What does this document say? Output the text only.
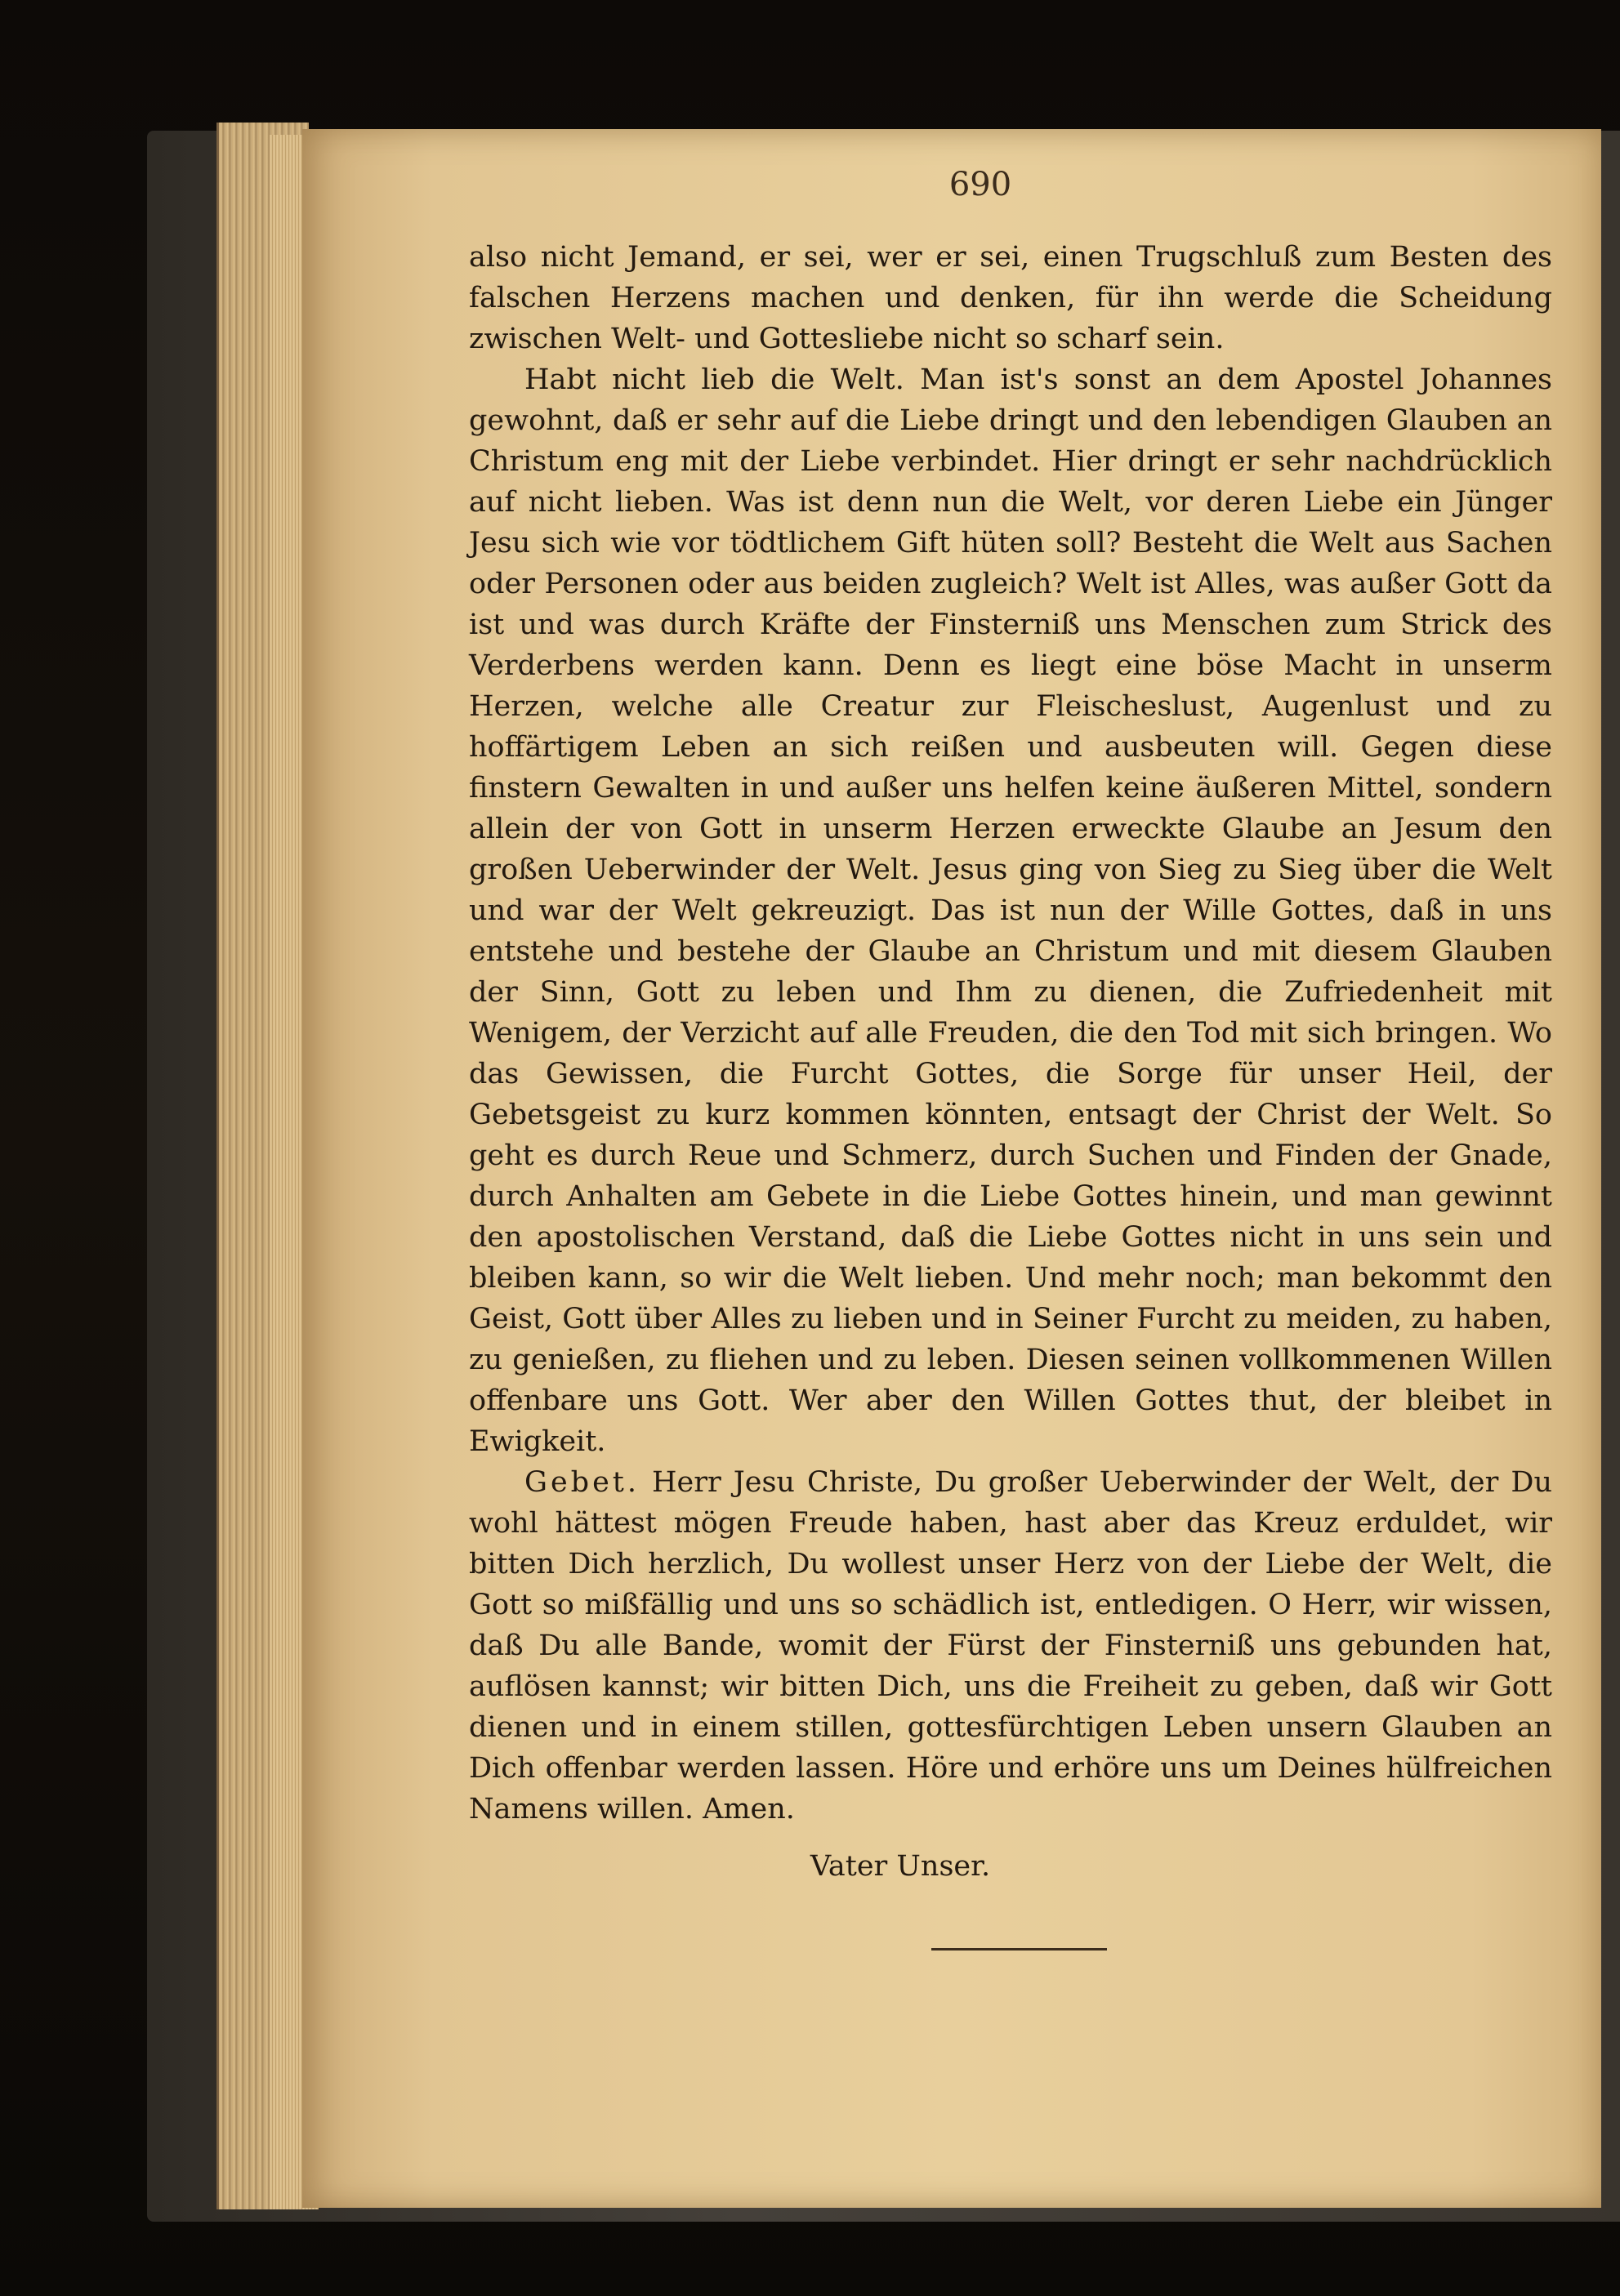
690

also nicht Jemand, er sei, wer er sei, einen Trugschluß zum Besten des falschen Herzens machen und denken, für ihn werde die Scheidung zwischen Welt- und Gottesliebe nicht so scharf sein.

Habt nicht lieb die Welt. Man ist's sonst an dem Apostel Johannes gewohnt, daß er sehr auf die Liebe dringt und den lebendigen Glauben an Christum eng mit der Liebe verbindet. Hier dringt er sehr nachdrücklich auf nicht lieben. Was ist denn nun die Welt, vor deren Liebe ein Jünger Jesu sich wie vor tödtlichem Gift hüten soll? Besteht die Welt aus Sachen oder Personen oder aus beiden zugleich? Welt ist Alles, was außer Gott da ist und was durch Kräfte der Finsterniß uns Menschen zum Strick des Verderbens werden kann. Denn es liegt eine böse Macht in unserm Herzen, welche alle Creatur zur Fleischeslust, Augenlust und zu hoffärtigem Leben an sich reißen und ausbeuten will. Gegen diese finstern Gewalten in und außer uns helfen keine äußeren Mittel, sondern allein der von Gott in unserm Herzen erweckte Glaube an Jesum den großen Ueberwinder der Welt. Jesus ging von Sieg zu Sieg über die Welt und war der Welt gekreuzigt. Das ist nun der Wille Gottes, daß in uns entstehe und bestehe der Glaube an Christum und mit diesem Glauben der Sinn, Gott zu leben und Ihm zu dienen, die Zufriedenheit mit Wenigem, der Verzicht auf alle Freuden, die den Tod mit sich bringen. Wo das Gewissen, die Furcht Gottes, die Sorge für unser Heil, der Gebetsgeist zu kurz kommen könnten, entsagt der Christ der Welt. So geht es durch Reue und Schmerz, durch Suchen und Finden der Gnade, durch Anhalten am Gebete in die Liebe Gottes hinein, und man gewinnt den apostolischen Verstand, daß die Liebe Gottes nicht in uns sein und bleiben kann, so wir die Welt lieben. Und mehr noch; man bekommt den Geist, Gott über Alles zu lieben und in Seiner Furcht zu meiden, zu haben, zu genießen, zu fliehen und zu leben. Diesen seinen vollkommenen Willen offenbare uns Gott. Wer aber den Willen Gottes thut, der bleibet in Ewigkeit.

Gebet. Herr Jesu Christe, Du großer Ueberwinder der Welt, der Du wohl hättest mögen Freude haben, hast aber das Kreuz erduldet, wir bitten Dich herzlich, Du wollest unser Herz von der Liebe der Welt, die Gott so mißfällig und uns so schädlich ist, entledigen. O Herr, wir wissen, daß Du alle Bande, womit der Fürst der Finsterniß uns gebunden hat, auflösen kannst; wir bitten Dich, uns die Freiheit zu geben, daß wir Gott dienen und in einem stillen, gottesfürchtigen Leben unsern Glauben an Dich offenbar werden lassen. Höre und erhöre uns um Deines hülfreichen Namens willen. Amen.

Vater Unser.
